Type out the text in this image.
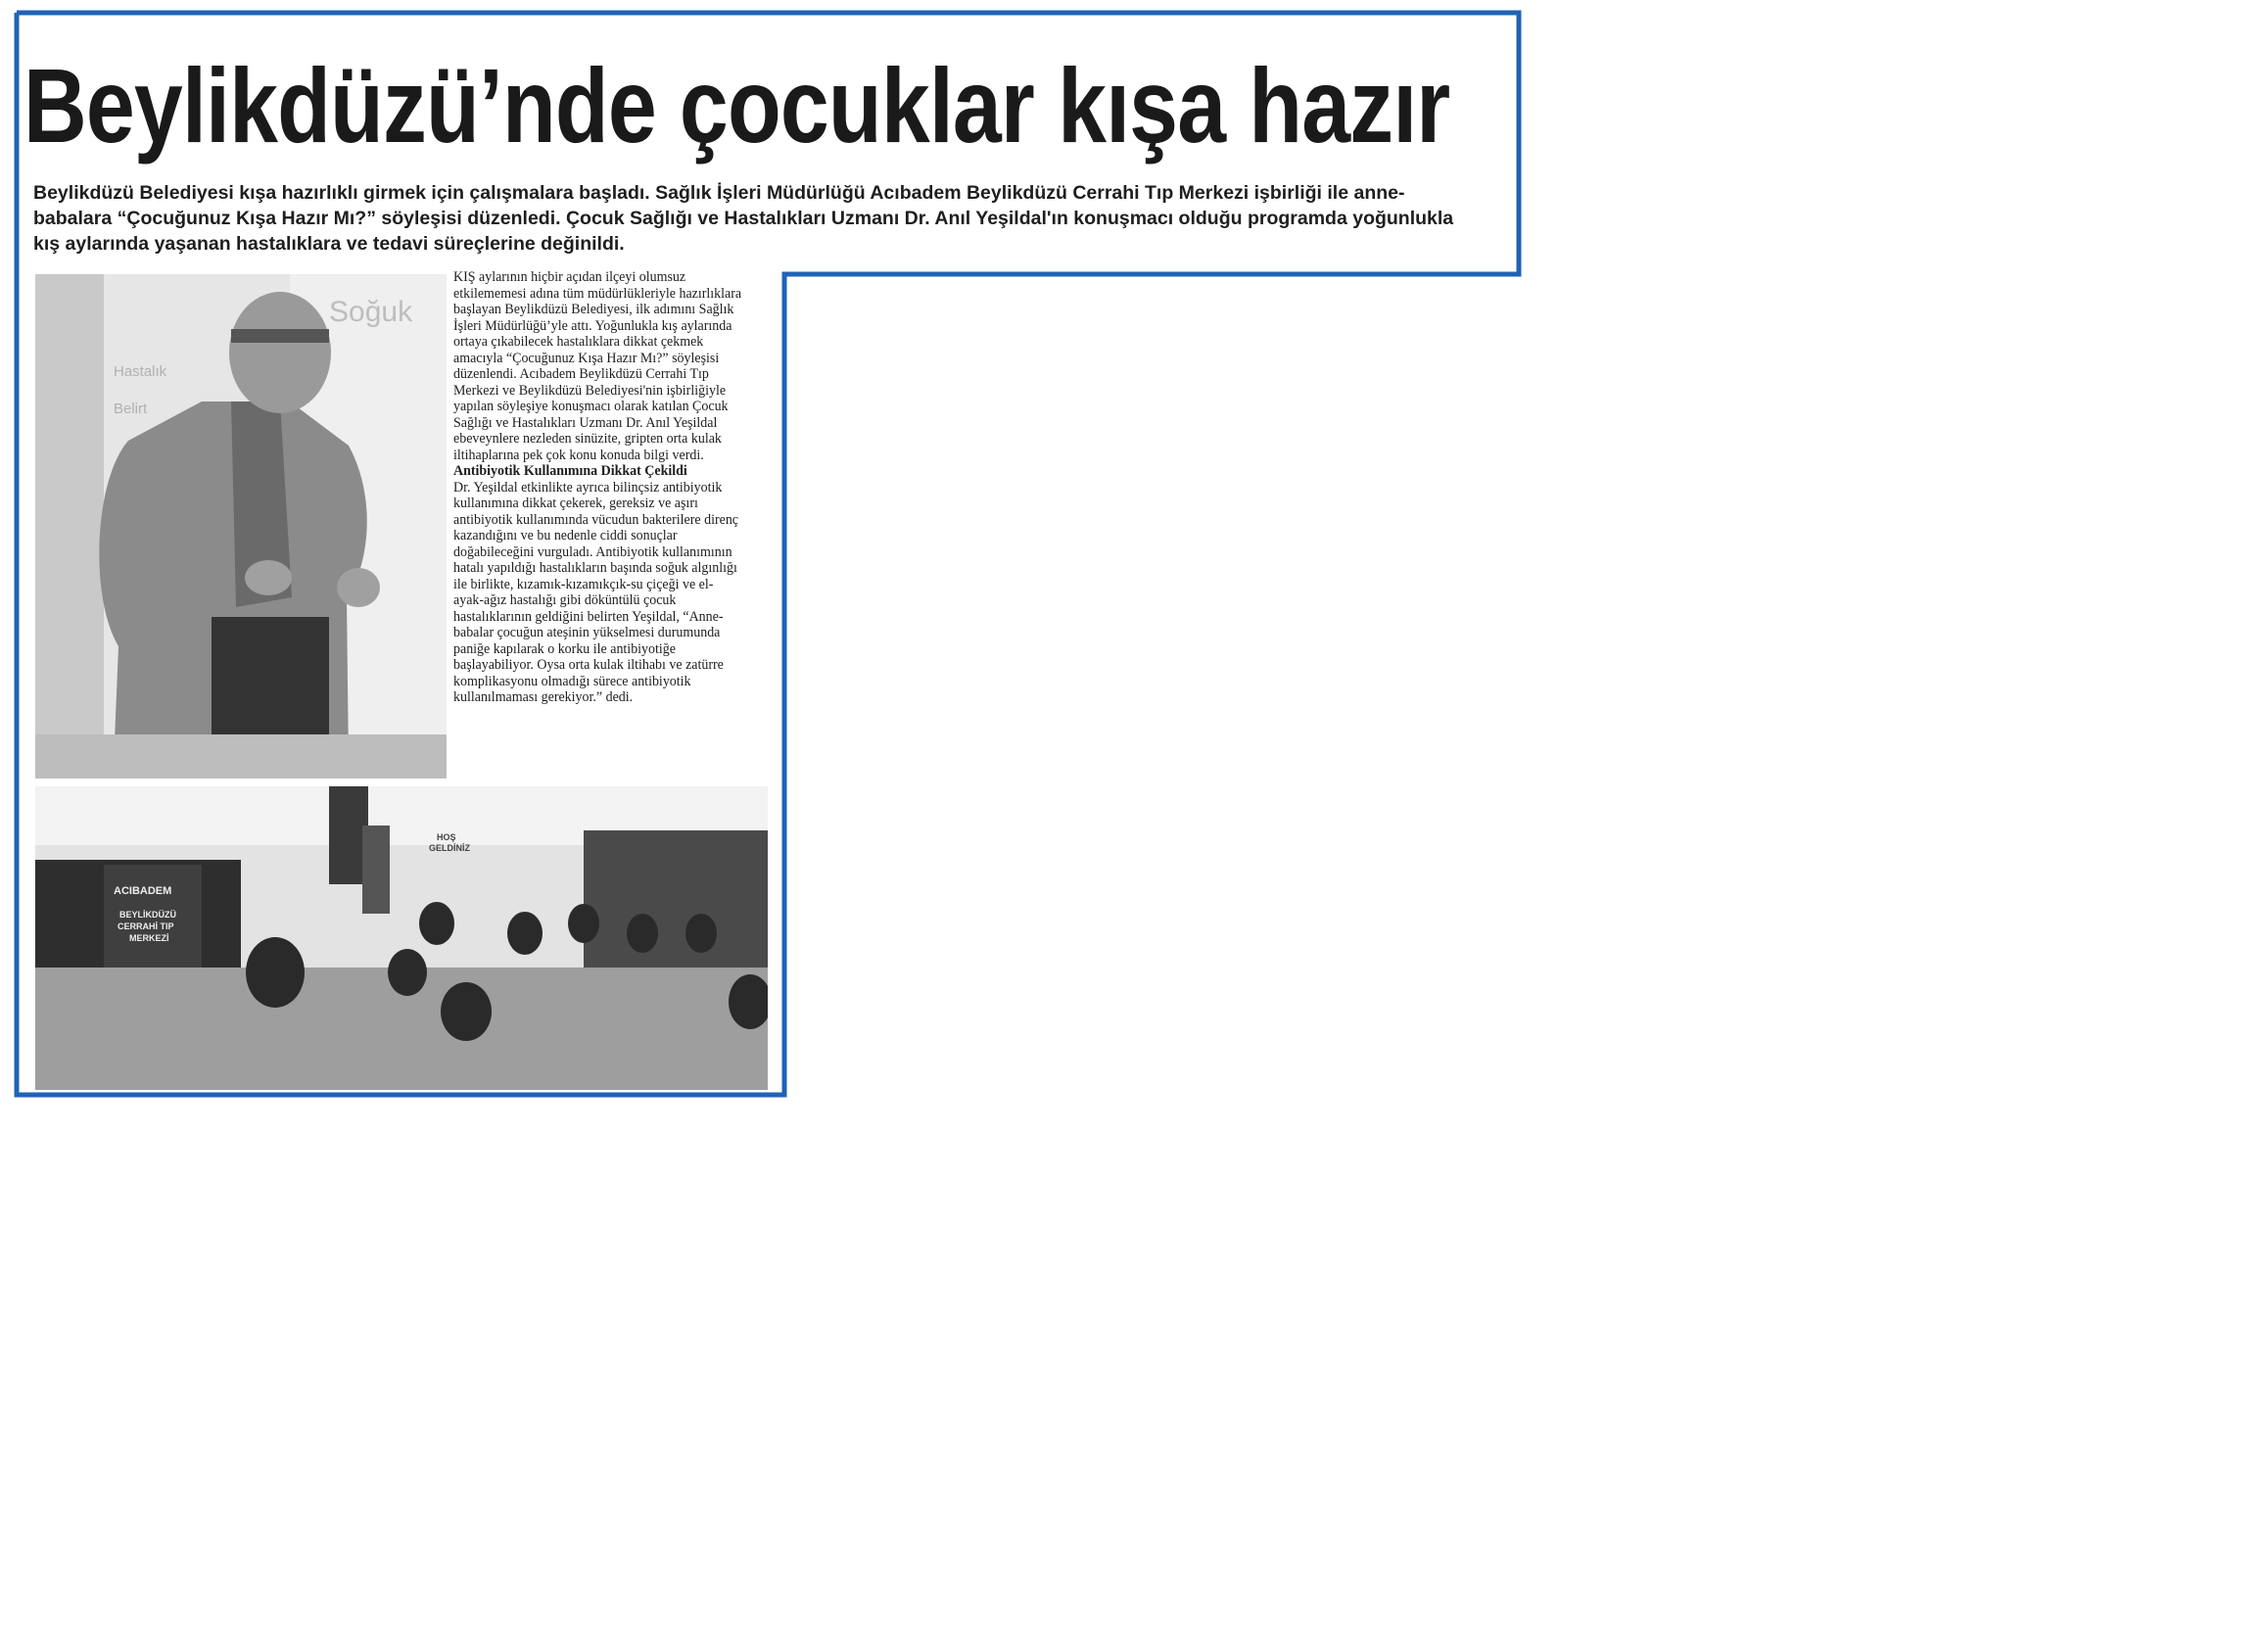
Beylikdüzü’nde çocuklar kışa hazır
Beylikdüzü Belediyesi kışa hazırlıklı girmek için çalışmalara başladı. Sağlık İşleri Müdürlüğü Acıbadem Beylikdüzü Cerrahi Tıp Merkezi işbirliği ile anne-babalara “Çocuğunuz Kışa Hazır Mı?” söyleşisi düzenledi. Çocuk Sağlığı ve Hastalıkları Uzmanı Dr. Anıl Yeşildal'ın konuşmacı olduğu programda yoğunlukla kış aylarında yaşanan hastalıklara ve tedavi süreçlerine değinildi.
Soğuk
Hastalık
Belirt
HOŞ
GELDİNİZ
ACIBADEM
BEYLİKDÜZÜ
CERRAHİ TIP
MERKEZİ

KIŞ aylarının hiçbir açıdan ilçeyi olumsuz etkilememesi adına tüm müdürlükleriyle hazırlıklara başlayan Beylikdüzü Belediyesi, ilk adımını Sağlık İşleri Müdürlüğü’yle attı. Yoğunlukla kış aylarında ortaya çıkabilecek hastalıklara dikkat çekmek amacıyla “Çocuğunuz Kışa Hazır Mı?” söyleşisi düzenlendi. Acıbadem Beylikdüzü Cerrahi Tıp Merkezi ve Beylikdüzü Belediyesi'nin işbirliğiyle yapılan söyleşiye konuşmacı olarak katılan Çocuk Sağlığı ve Hastalıkları Uzmanı Dr. Anıl Yeşildal ebeveynlere nezleden sinüzite, gripten orta kulak iltihaplarına pek çok konu konuda bilgi verdi.

Antibiyotik Kullanımına Dikkat Çekildi

Dr. Yeşildal etkinlikte ayrıca bilinçsiz antibiyotik kullanımına dikkat çekerek, gereksiz ve aşırı antibiyotik kullanımında vücudun bakterilere direnç kazandığını ve bu nedenle ciddi sonuçlar doğabileceğini vurguladı. Antibiyotik kullanımının hatalı yapıldığı hastalıkların başında soğuk algınlığı ile birlikte, kızamık-kızamıkçık-su çiçeği ve el-ayak-ağız hastalığı gibi döküntülü çocuk hastalıklarının geldiğini belirten Yeşildal, “Anne-babalar çocuğun ateşinin yükselmesi durumunda paniğe kapılarak o korku ile antibiyotiğe başlayabiliyor. Oysa orta kulak iltihabı ve zatürre komplikasyonu olmadığı sürece antibiyotik kullanılmaması gerekiyor.” dedi.
